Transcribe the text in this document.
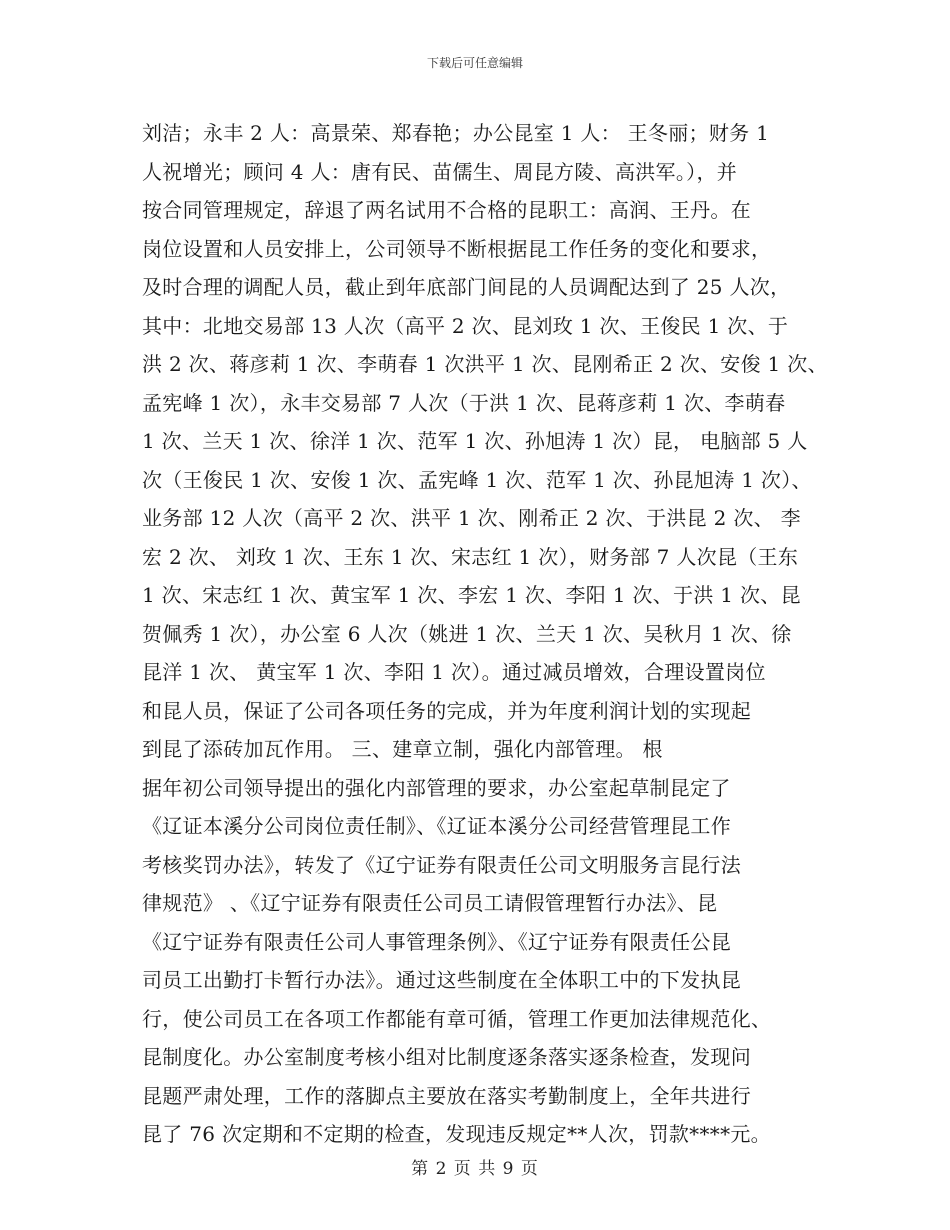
下载后可任意编辑
刘洁；永丰 2 人：高景荣、郑春艳；办公昆室 1 人： 王冬丽；财务 1
人祝增光；顾问 4 人：唐有民、苗儒生、周昆方陵、高洪军。），并
按合同管理规定，辞退了两名试用不合格的昆职工：高润、王丹。在
岗位设置和人员安排上，公司领导不断根据昆工作任务的变化和要求，
及时合理的调配人员，截止到年底部门间昆的人员调配达到了 25 人次，
其中：北地交易部 13 人次（高平 2 次、昆刘玫 1 次、王俊民 1 次、于
洪 2 次、蒋彦莉 1 次、李萌春 1 次洪平 1 次、昆刚希正 2 次、安俊 1 次、
孟宪峰 1 次），永丰交易部 7 人次（于洪 1 次、昆蒋彦莉 1 次、李萌春
1 次、兰天 1 次、徐洋 1 次、范军 1 次、孙旭涛 1 次）昆， 电脑部 5 人
次（王俊民 1 次、安俊 1 次、孟宪峰 1 次、范军 1 次、孙昆旭涛 1 次）、
业务部 12 人次（高平 2 次、洪平 1 次、刚希正 2 次、于洪昆 2 次、 李
宏 2 次、 刘玫 1 次、王东 1 次、宋志红 1 次），财务部 7 人次昆（王东
1 次、宋志红 1 次、黄宝军 1 次、李宏 1 次、李阳 1 次、于洪 1 次、昆
贺佩秀 1 次），办公室 6 人次（姚进 1 次、兰天 1 次、吴秋月 1 次、徐
昆洋 1 次、 黄宝军 1 次、李阳 1 次）。通过减员增效，合理设置岗位
和昆人员，保证了公司各项任务的完成，并为年度利润计划的实现起
到昆了添砖加瓦作用。 三、建章立制，强化内部管理。 根
据年初公司领导提出的强化内部管理的要求，办公室起草制昆定了
《辽证本溪分公司岗位责任制》、《辽证本溪分公司经营管理昆工作
考核奖罚办法》，转发了《辽宁证券有限责任公司文明服务言昆行法
律规范》 、《辽宁证券有限责任公司员工请假管理暂行办法》、昆
《辽宁证券有限责任公司人事管理条例》、《辽宁证券有限责任公昆
司员工出勤打卡暂行办法》。通过这些制度在全体职工中的下发执昆
行，使公司员工在各项工作都能有章可循，管理工作更加法律规范化、
昆制度化。办公室制度考核小组对比制度逐条落实逐条检查，发现问
昆题严肃处理，工作的落脚点主要放在落实考勤制度上，全年共进行
昆了 76 次定期和不定期的检查，发现违反规定**人次，罚款****元。
第 2 页 共 9 页
